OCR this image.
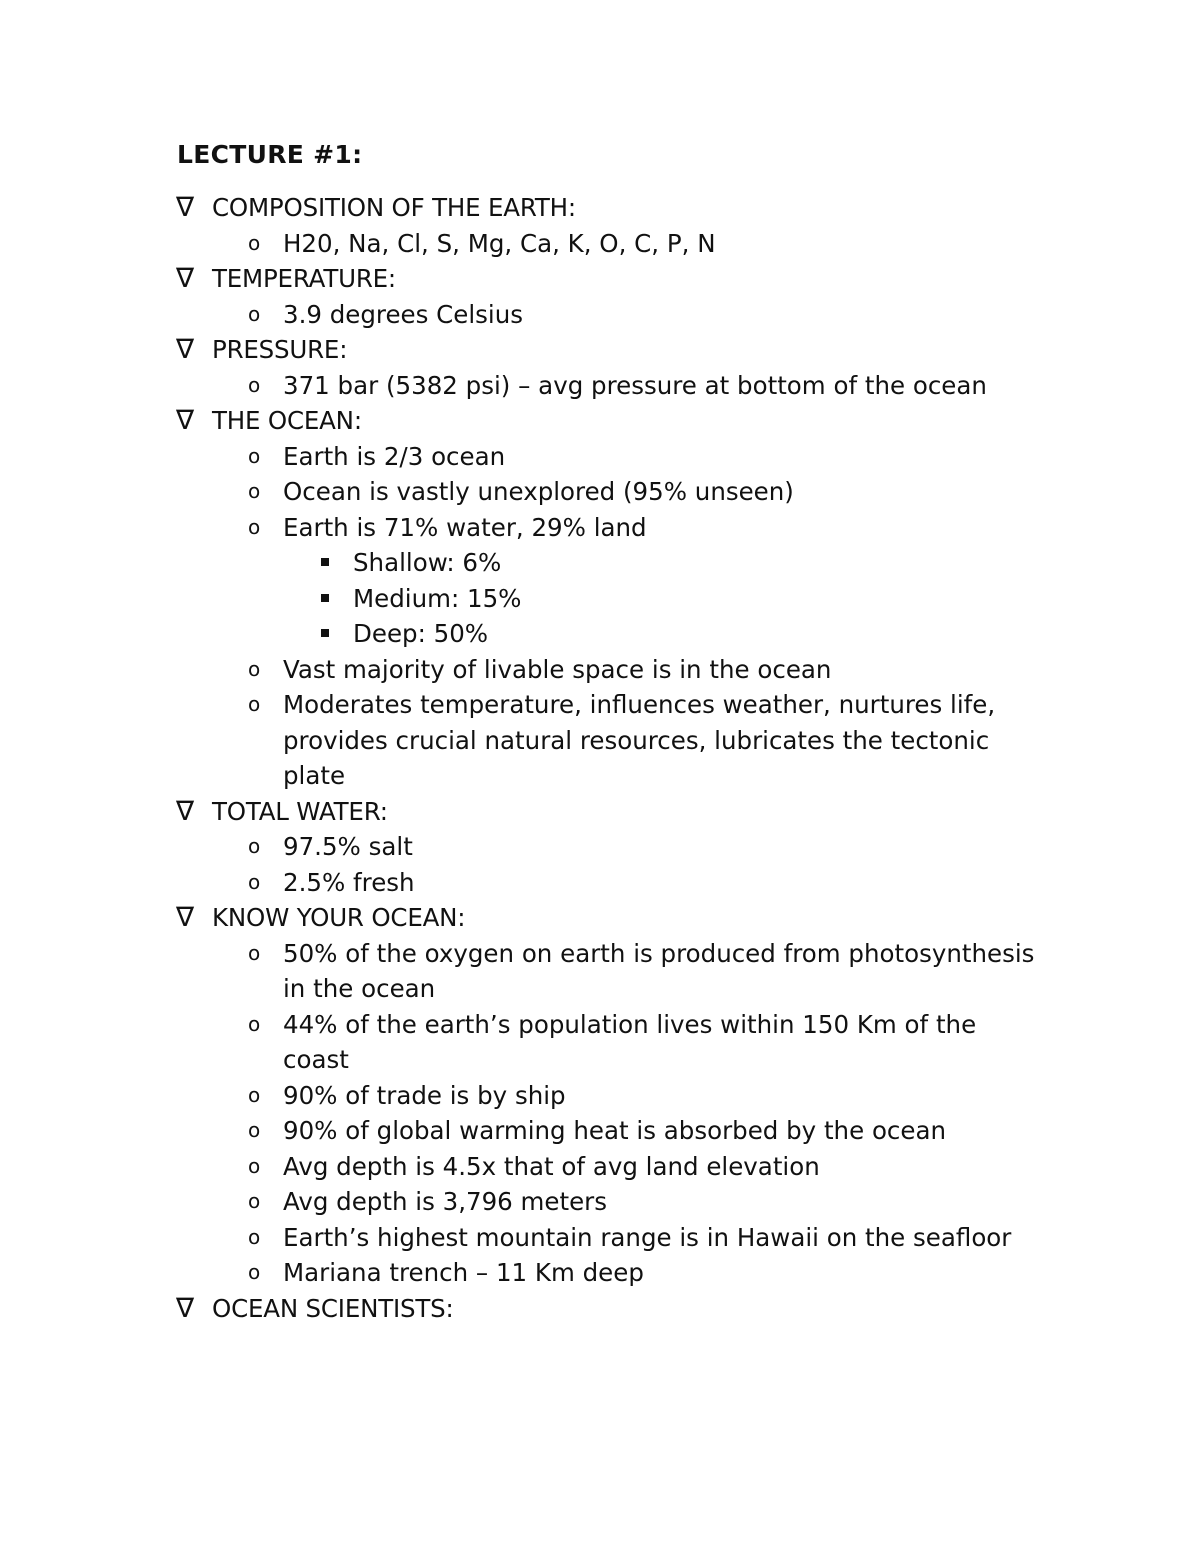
LECTURE #1:
∇ COMPOSITION OF THE EARTH:
o H20, Na, Cl, S, Mg, Ca, K, O, C, P, N
∇ TEMPERATURE:
o 3.9 degrees Celsius
∇ PRESSURE:
o 371 bar (5382 psi) – avg pressure at bottom of the ocean
∇ THE OCEAN:
o Earth is 2/3 ocean
o Ocean is vastly unexplored (95% unseen)
o Earth is 71% water, 29% land
Shallow: 6%
Medium: 15%
Deep: 50%
o Vast majority of livable space is in the ocean
o Moderates temperature, influences weather, nurtures life, provides crucial natural resources, lubricates the tectonic plate
∇ TOTAL WATER:
o 97.5% salt
o 2.5% fresh
∇ KNOW YOUR OCEAN:
o 50% of the oxygen on earth is produced from photosynthesis in the ocean
o 44% of the earth’s population lives within 150 Km of the coast
o 90% of trade is by ship
o 90% of global warming heat is absorbed by the ocean
o Avg depth is 4.5x that of avg land elevation
o Avg depth is 3,796 meters
o Earth’s highest mountain range is in Hawaii on the seafloor
o Mariana trench – 11 Km deep
∇ OCEAN SCIENTISTS:
